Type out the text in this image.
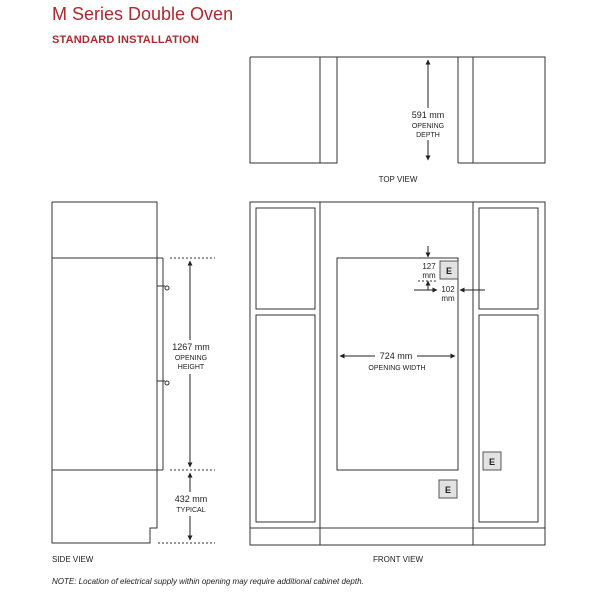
M Series Double Oven
STANDARD INSTALLATION
591 mm
OPENING
DEPTH
TOP VIEW
1267 mm
OPENING
HEIGHT
432 mm
TYPICAL
SIDE VIEW
724 mm
OPENING WIDTH
127
mm
102
mm
E
E
E
FRONT VIEW
NOTE: Location of electrical supply within opening may require additional cabinet depth.
